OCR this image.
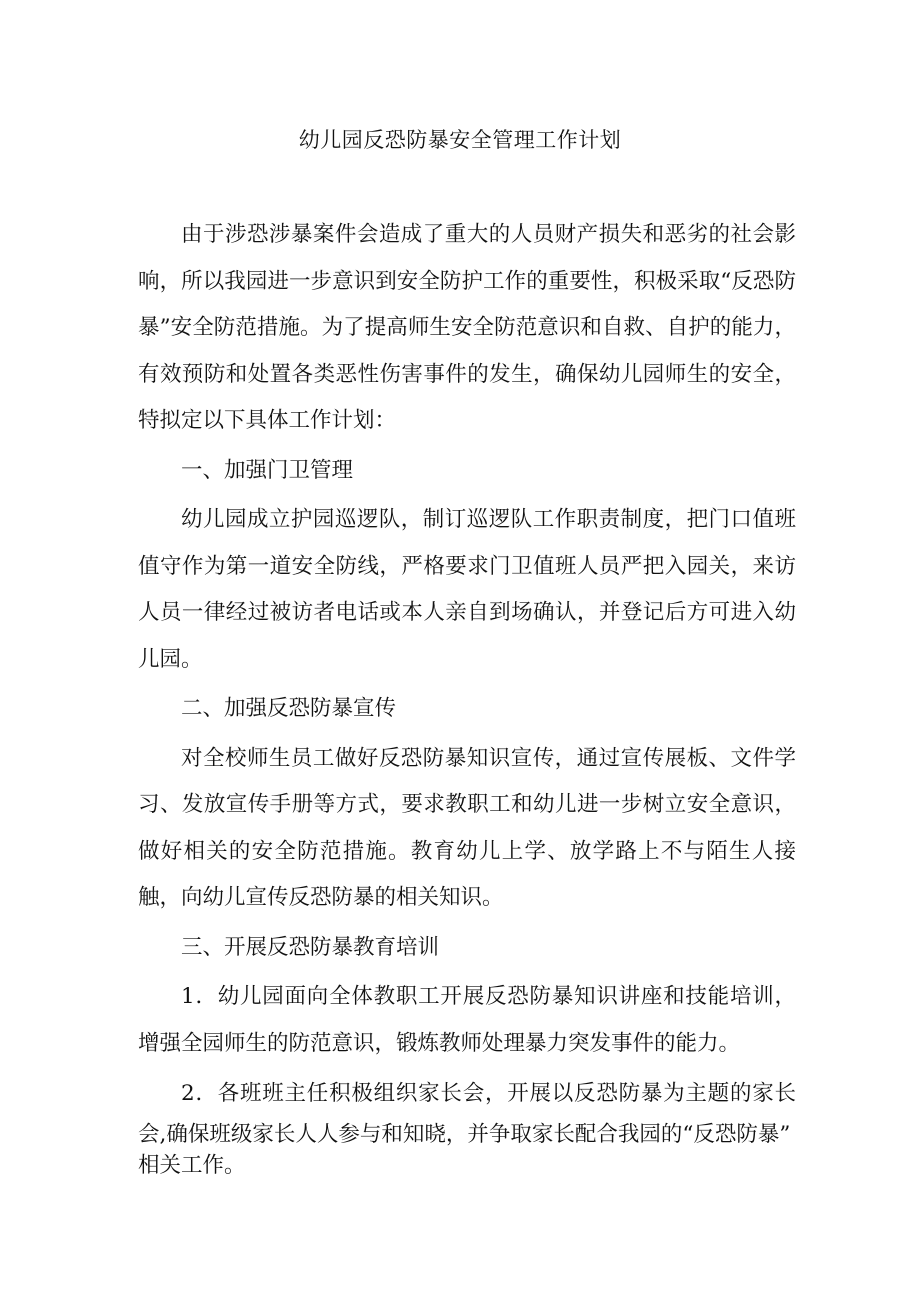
幼儿园反恐防暴安全管理工作计划

由于涉恐涉暴案件会造成了重大的人员财产损失和恶劣的社会影响，所以我园进一步意识到安全防护工作的重要性，积极采取“反恐防暴”安全防范措施。为了提高师生安全防范意识和自救、自护的能力，有效预防和处置各类恶性伤害事件的发生，确保幼儿园师生的安全，特拟定以下具体工作计划：

一、加强门卫管理

幼儿园成立护园巡逻队，制订巡逻队工作职责制度，把门口值班值守作为第一道安全防线，严格要求门卫值班人员严把入园关，来访人员一律经过被访者电话或本人亲自到场确认，并登记后方可进入幼儿园。

二、加强反恐防暴宣传

对全校师生员工做好反恐防暴知识宣传，通过宣传展板、文件学习、发放宣传手册等方式，要求教职工和幼儿进一步树立安全意识，做好相关的安全防范措施。教育幼儿上学、放学路上不与陌生人接触，向幼儿宣传反恐防暴的相关知识。

三、开展反恐防暴教育培训

1．幼儿园面向全体教职工开展反恐防暴知识讲座和技能培训，增强全园师生的防范意识，锻炼教师处理暴力突发事件的能力。

2．各班班主任积极组织家长会，开展以反恐防暴为主题的家长会,确保班级家长人人参与和知晓，并争取家长配合我园的“反恐防暴”

相关工作。
